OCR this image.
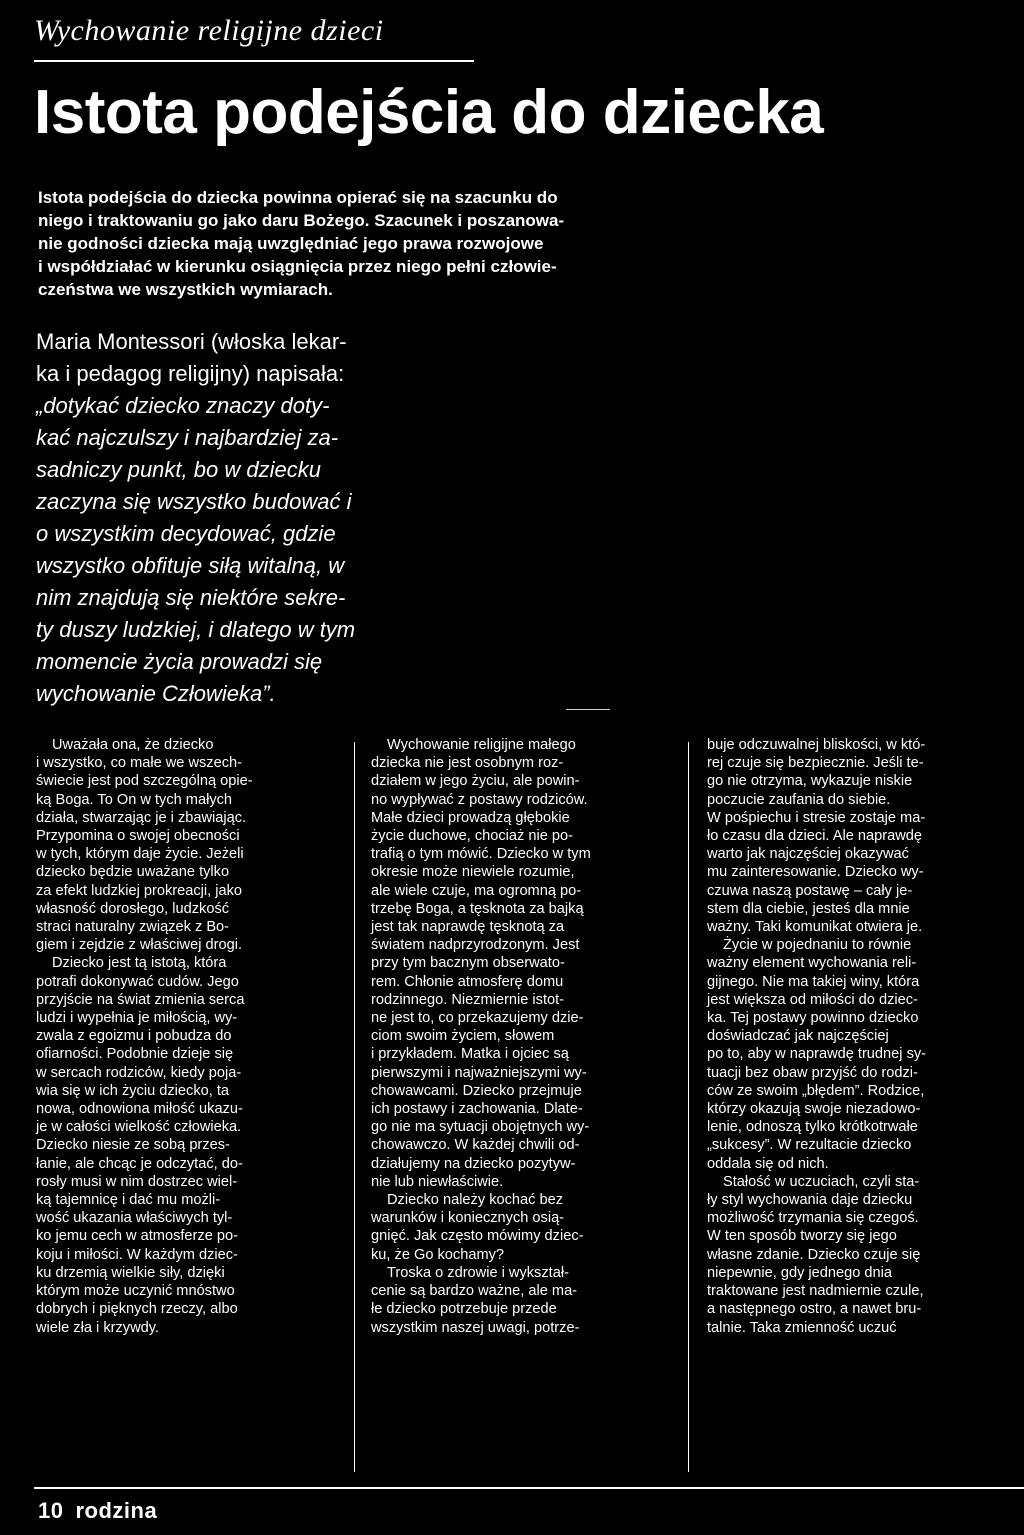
Wychowanie religijne dzieci
Istota podejścia do dziecka
Istota podejścia do dziecka powinna opierać się na szacunku do
niego i traktowaniu go jako daru Bożego. Szacunek i poszanowa-
nie godności dziecka mają uwzględniać jego prawa rozwojowe
i współdziałać w kierunku osiągnięcia przez niego pełni człowie-
czeństwa we wszystkich wymiarach.
Maria Montessori (włoska lekar-
ka i pedagog religijny) napisała:
„dotykać dziecko znaczy doty-
kać najczulszy i najbardziej za-
sadniczy punkt, bo w dziecku
zaczyna się wszystko budować i
o wszystkim decydować, gdzie
wszystko obfituje siłą witalną, w
nim znajdują się niektóre sekre-
ty duszy ludzkiej, i dlatego w tym
momencie życia prowadzi się
wychowanie Człowieka”.
Uważała ona, że dziecko
i wszystko, co małe we wszech-
świecie jest pod szczególną opie-
ką Boga. To On w tych małych
działa, stwarzając je i zbawiając.
Przypomina o swojej obecności
w tych, którym daje życie. Jeżeli
dziecko będzie uważane tylko
za efekt ludzkiej prokreacji, jako
własność dorosłego, ludzkość
straci naturalny związek z Bo-
giem i zejdzie z właściwej drogi.
Dziecko jest tą istotą, która
potrafi dokonywać cudów. Jego
przyjście na świat zmienia serca
ludzi i wypełnia je miłością, wy-
zwala z egoizmu i pobudza do
ofiarności. Podobnie dzieje się
w sercach rodziców, kiedy poja-
wia się w ich życiu dziecko, ta
nowa, odnowiona miłość ukazu-
je w całości wielkość człowieka.
Dziecko niesie ze sobą przes-
łanie, ale chcąc je odczytać, do-
rosły musi w nim dostrzec wiel-
ką tajemnicę i dać mu możli-
wość ukazania właściwych tyl-
ko jemu cech w atmosferze po-
koju i miłości. W każdym dziec-
ku drzemią wielkie siły, dzięki
którym może uczynić mnóstwo
dobrych i pięknych rzeczy, albo
wiele zła i krzywdy.
Wychowanie religijne małego
dziecka nie jest osobnym roz-
działem w jego życiu, ale powin-
no wypływać z postawy rodziców.
Małe dzieci prowadzą głębokie
życie duchowe, chociaż nie po-
trafią o tym mówić. Dziecko w tym
okresie może niewiele rozumie,
ale wiele czuje, ma ogromną po-
trzebę Boga, a tęsknota za bajką
jest tak naprawdę tęsknotą za
światem nadprzyrodzonym. Jest
przy tym bacznym obserwato-
rem. Chłonie atmosferę domu
rodzinnego. Niezmiernie istot-
ne jest to, co przekazujemy dzie-
ciom swoim życiem, słowem
i przykładem. Matka i ojciec są
pierwszymi i najważniejszymi wy-
chowawcami. Dziecko przejmuje
ich postawy i zachowania. Dlate-
go nie ma sytuacji obojętnych wy-
chowawczo. W każdej chwili od-
działujemy na dziecko pozytyw-
nie lub niewłaściwie.
Dziecko należy kochać bez
warunków i koniecznych osią-
gnięć. Jak często mówimy dziec-
ku, że Go kochamy?
Troska o zdrowie i wykształ-
cenie są bardzo ważne, ale ma-
łe dziecko potrzebuje przede
wszystkim naszej uwagi, potrze-
buje odczuwalnej bliskości, w któ-
rej czuje się bezpiecznie. Jeśli te-
go nie otrzyma, wykazuje niskie
poczucie zaufania do siebie.
W pośpiechu i stresie zostaje ma-
ło czasu dla dzieci. Ale naprawdę
warto jak najczęściej okazywać
mu zainteresowanie. Dziecko wy-
czuwa naszą postawę – cały je-
stem dla ciebie, jesteś dla mnie
ważny. Taki komunikat otwiera je.
Życie w pojednaniu to równie
ważny element wychowania reli-
gijnego. Nie ma takiej winy, która
jest większa od miłości do dziec-
ka. Tej postawy powinno dziecko
doświadczać jak najczęściej
po to, aby w naprawdę trudnej sy-
tuacji bez obaw przyjść do rodzi-
ców ze swoim „błędem”. Rodzice,
którzy okazują swoje niezadowo-
lenie, odnoszą tylko krótkotrwałe
„sukcesy”. W rezultacie dziecko
oddala się od nich.
Stałość w uczuciach, czyli sta-
ły styl wychowania daje dziecku
możliwość trzymania się czegoś.
W ten sposób tworzy się jego
własne zdanie. Dziecko czuje się
niepewnie, gdy jednego dnia
traktowane jest nadmiernie czule,
a następnego ostro, a nawet bru-
talnie. Taka zmienność uczuć
10 rodzina
